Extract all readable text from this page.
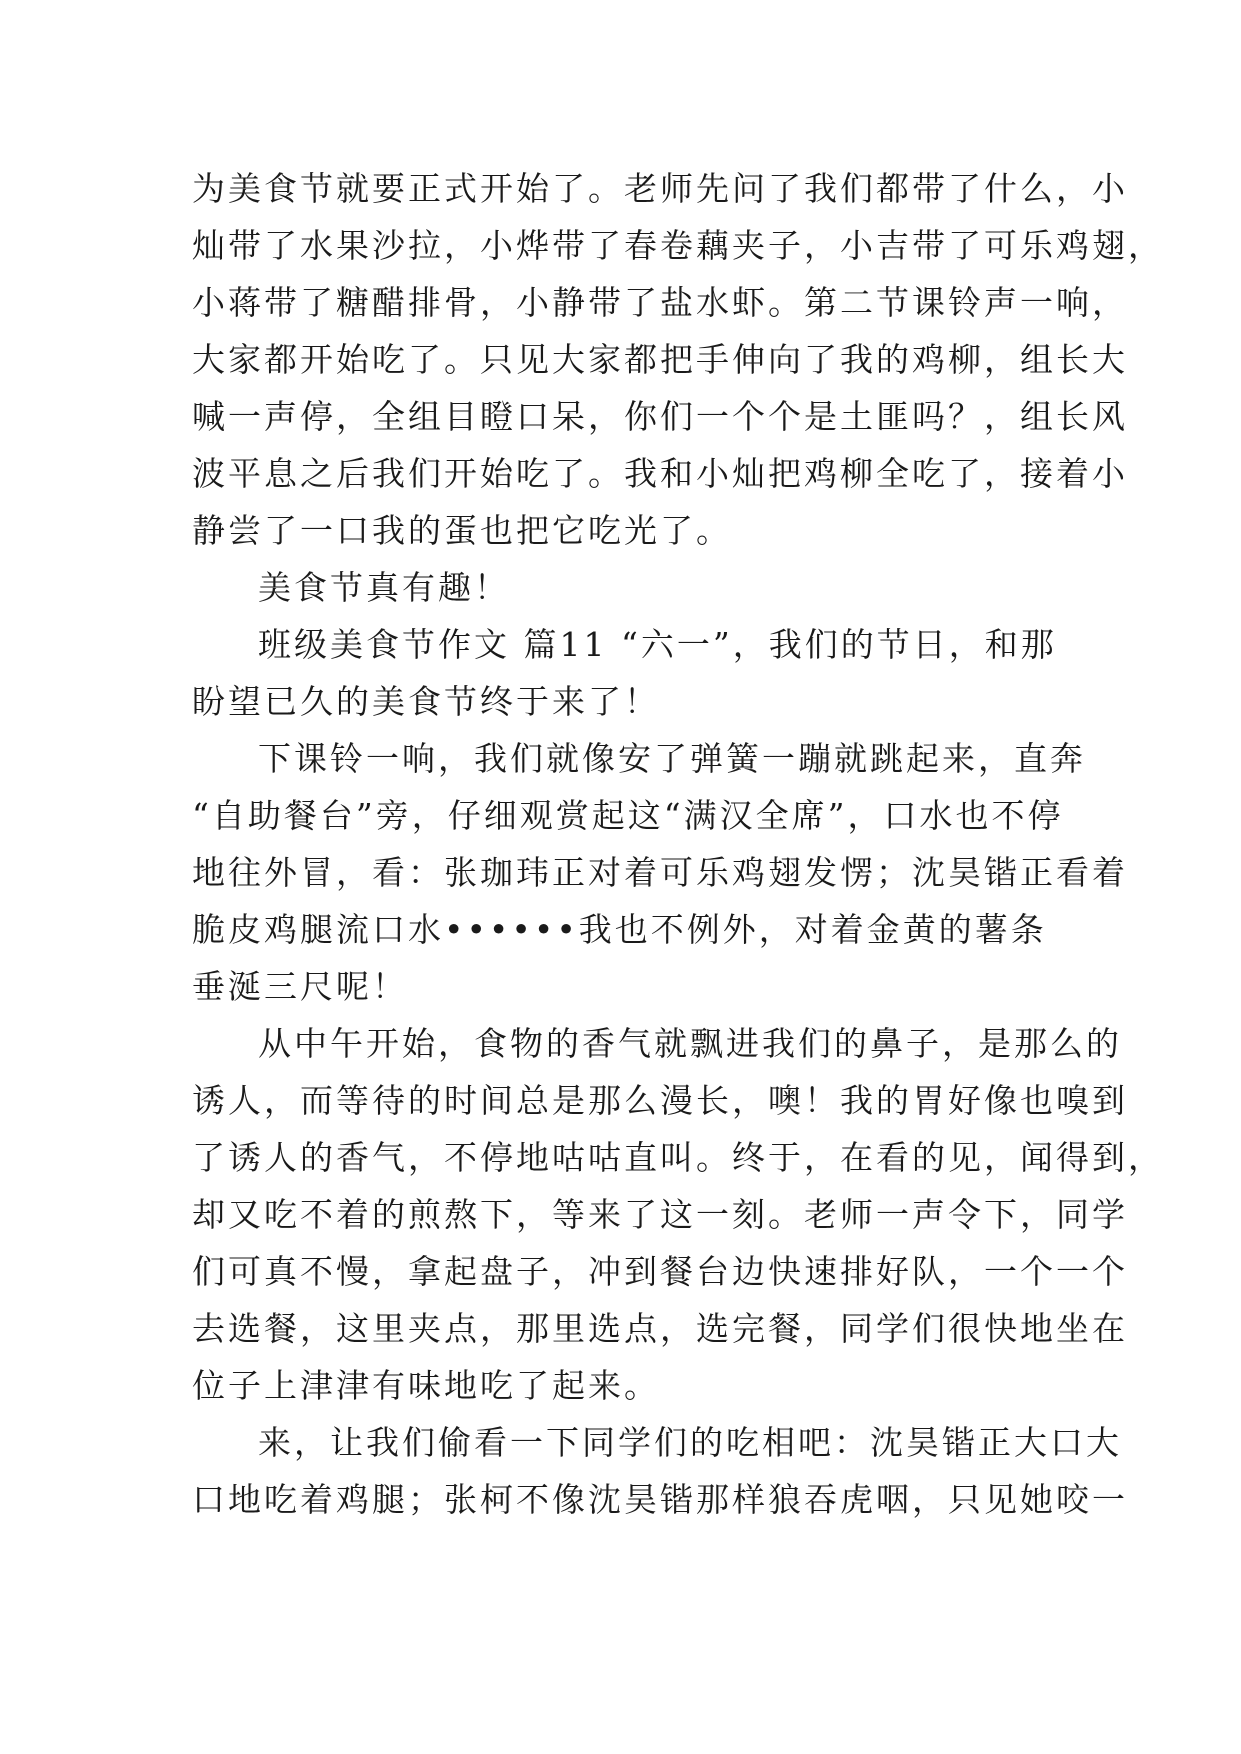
为美食节就要正式开始了。老师先问了我们都带了什么，小
灿带了水果沙拉，小烨带了春卷藕夹子，小吉带了可乐鸡翅，
小蒋带了糖醋排骨，小静带了盐水虾。第二节课铃声一响，
大家都开始吃了。只见大家都把手伸向了我的鸡柳，组长大
喊一声停，全组目瞪口呆，你们一个个是土匪吗？，组长风
波平息之后我们开始吃了。我和小灿把鸡柳全吃了，接着小
静尝了一口我的蛋也把它吃光了。
美食节真有趣！
班级美食节作文 篇11 “六一”，我们的节日，和那
盼望已久的美食节终于来了！
下课铃一响，我们就像安了弹簧一蹦就跳起来，直奔
“自助餐台”旁，仔细观赏起这“满汉全席”，口水也不停
地往外冒，看：张珈玮正对着可乐鸡翅发愣；沈昊锴正看着
脆皮鸡腿流口水••••••我也不例外，对着金黄的薯条
垂涎三尺呢！
从中午开始，食物的香气就飘进我们的鼻子，是那么的
诱人，而等待的时间总是那么漫长，噢！我的胃好像也嗅到
了诱人的香气，不停地咕咕直叫。终于，在看的见，闻得到，
却又吃不着的煎熬下，等来了这一刻。老师一声令下，同学
们可真不慢，拿起盘子，冲到餐台边快速排好队，一个一个
去选餐，这里夹点，那里选点，选完餐，同学们很快地坐在
位子上津津有味地吃了起来。
来，让我们偷看一下同学们的吃相吧：沈昊锴正大口大
口地吃着鸡腿；张柯不像沈昊锴那样狼吞虎咽，只见她咬一
